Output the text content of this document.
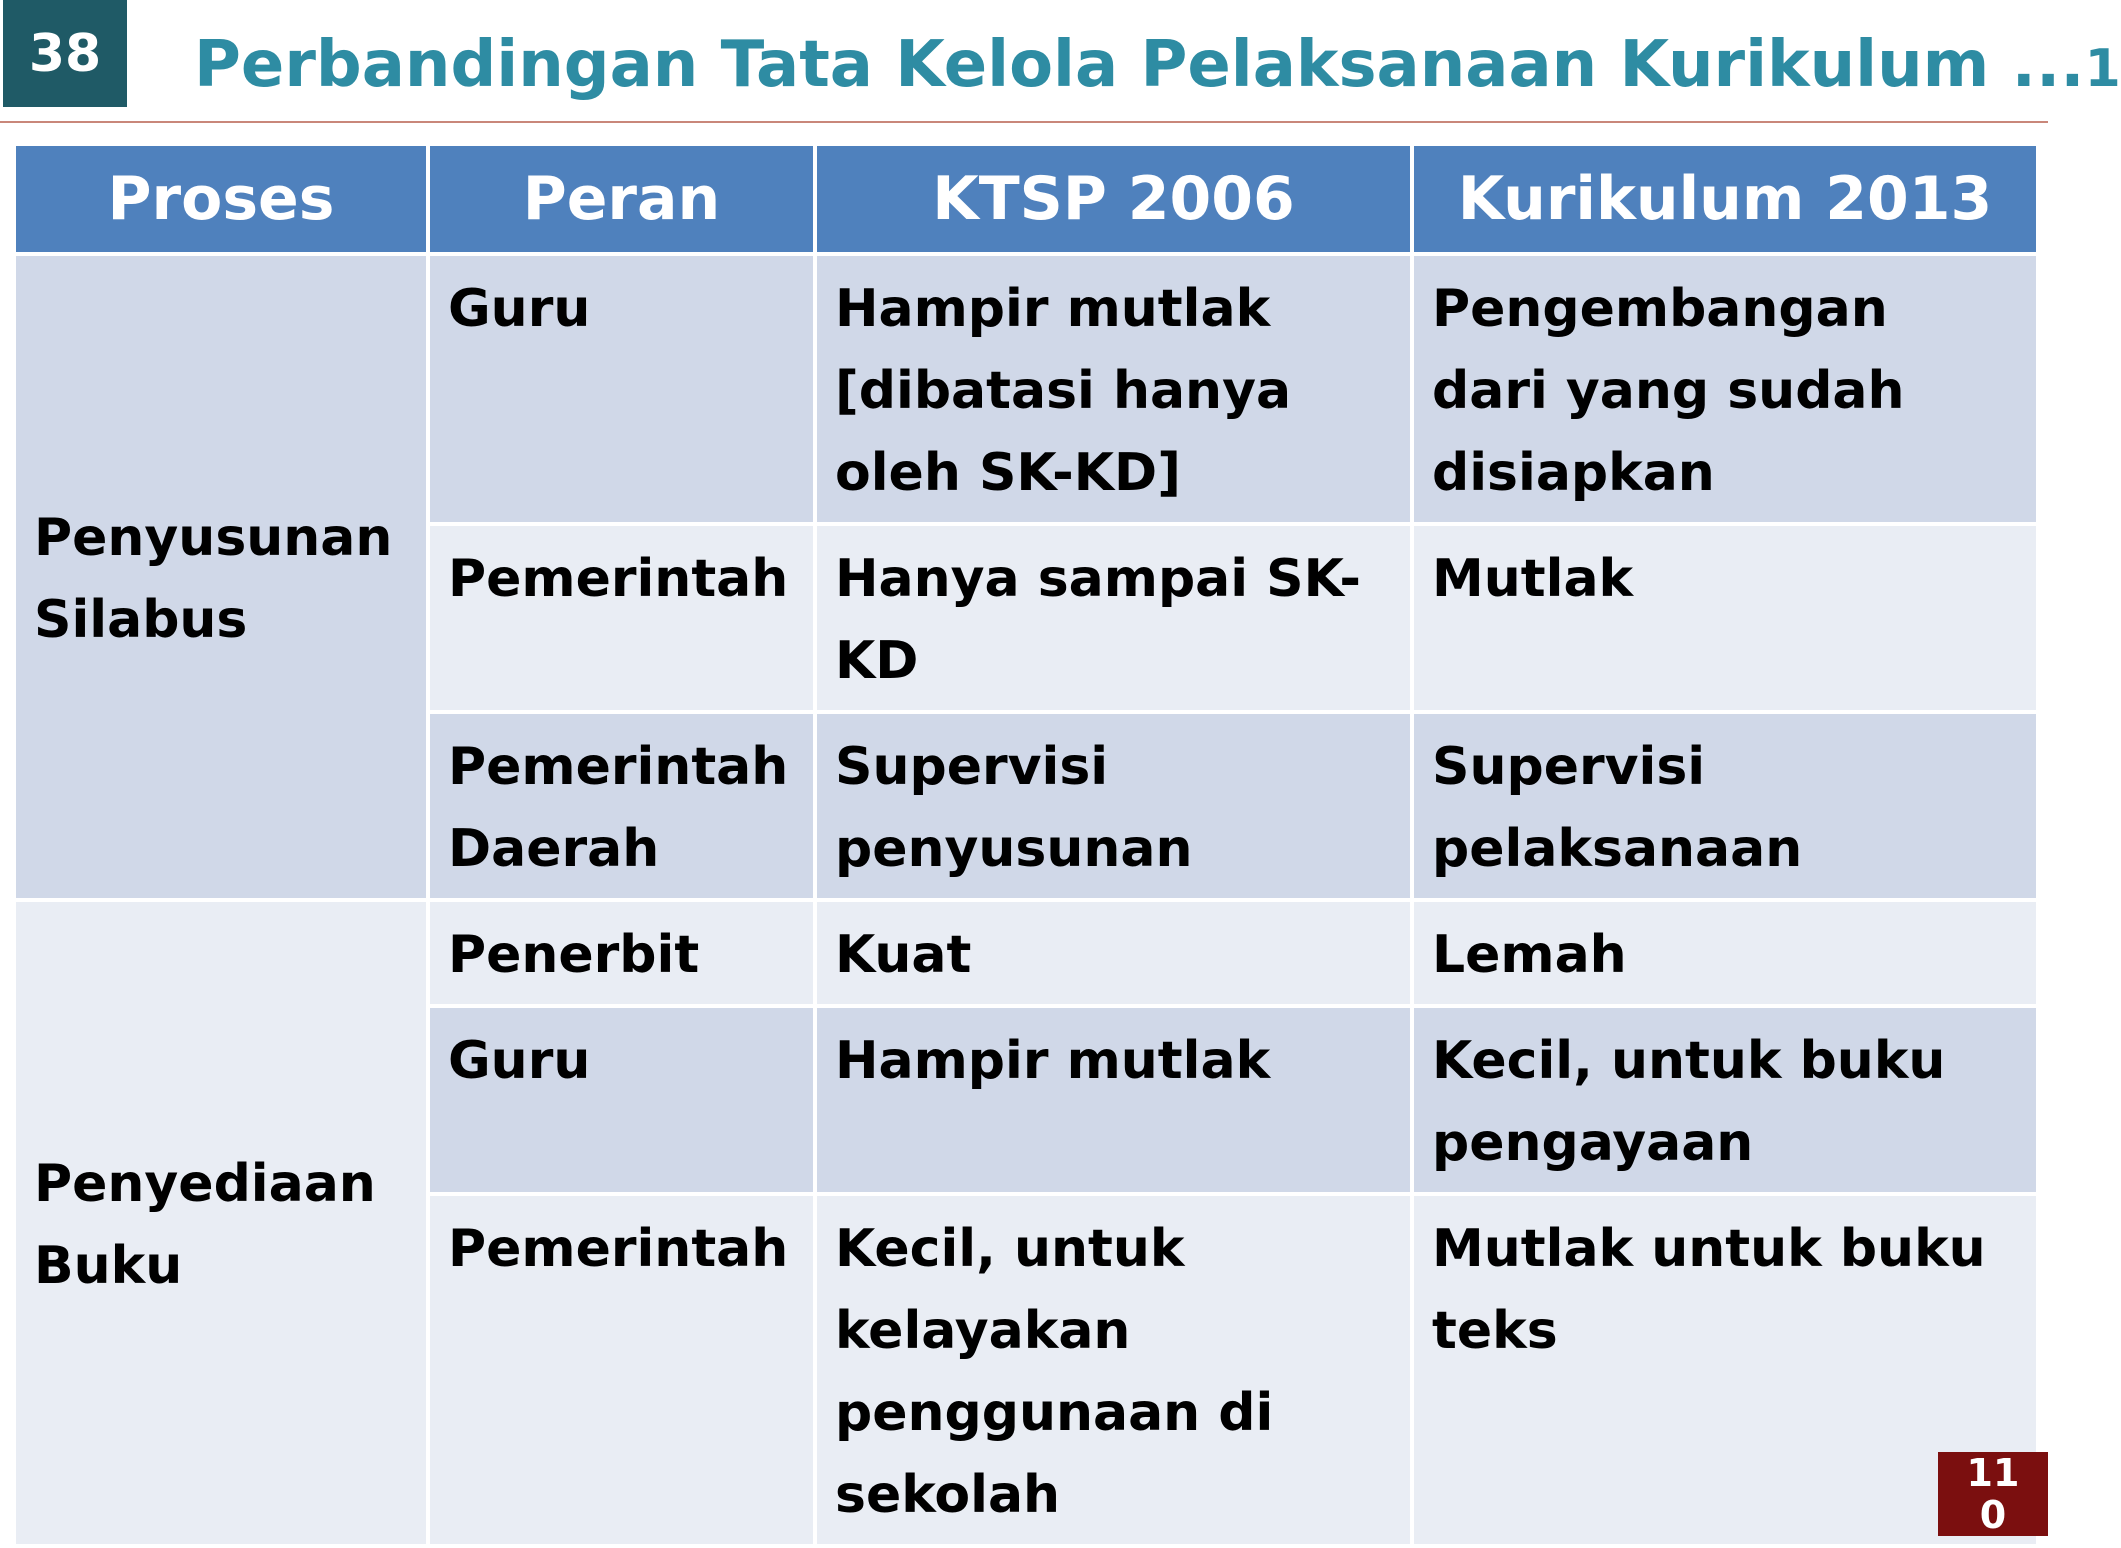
38	Perbandingan Tata Kelola Pelaksanaan Kurikulum ...1
Proses	Peran	KTSP 2006	Kurikulum 2013
Penyusunan Silabus	Guru	Hampir mutlak [dibatasi hanya oleh SK-KD]	Pengembangan dari yang sudah disiapkan
	Pemerintah	Hanya sampai SK-KD	Mutlak
	Pemerintah Daerah	Supervisi penyusunan	Supervisi pelaksanaan
Penyediaan Buku	Penerbit	Kuat	Lemah
	Guru	Hampir mutlak	Kecil, untuk buku pengayaan
	Pemerintah	Kecil, untuk kelayakan penggunaan di sekolah	Mutlak untuk buku teks
11
0
